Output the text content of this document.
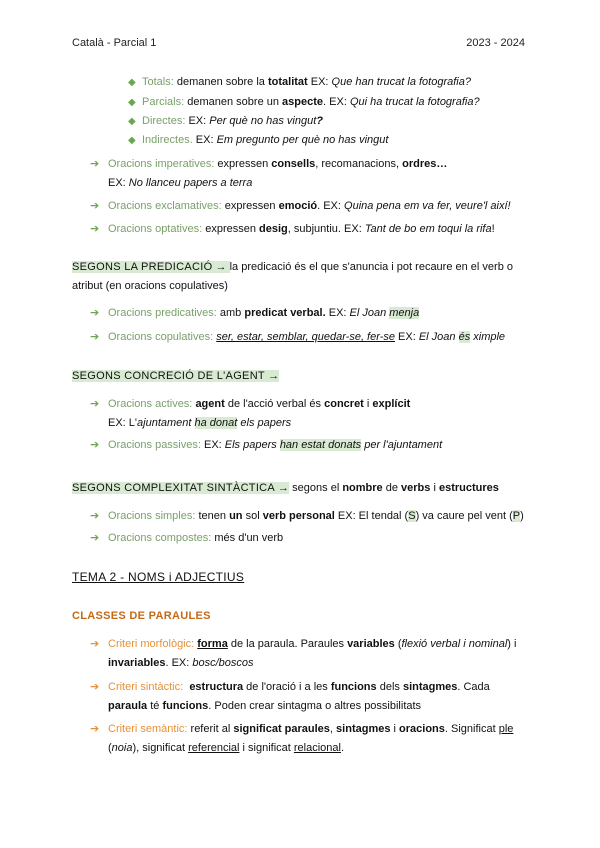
Català - Parcial 1	2023 - 2024
◆ Totals: demanen sobre la totalitat EX: Que han trucat la fotografia?
◆ Parcials: demanen sobre un aspecte. EX: Qui ha trucat la fotografia?
◆ Directes: EX: Per què no has vingut?
◆ Indirectes. EX: Em pregunto per què no has vingut
➔ Oracions imperatives: expressen consells, recomanacions, ordres…
EX: No llanceu papers a terra
➔ Oracions exclamatives: expressen emoció. EX: Quina pena em va fer, veure'l així!
➔ Oracions optatives: expressen desig, subjuntiu. EX: Tant de bo em toqui la rifa!
SEGONS LA PREDICACIÓ → la predicació és el que s'anuncia i pot recaure en el verb o
atribut (en oracions copulatives)
➔ Oracions predicatives: amb predicat verbal. EX: El Joan menja
➔ Oracions copulatives: ser, estar, semblar, quedar-se, fer-se EX: El Joan és ximple
SEGONS CONCRECIÓ DE L'AGENT →
➔ Oracions actives: agent de l'acció verbal és concret i explícit
EX: L'ajuntament ha donat els papers
➔ Oracions passives: EX: Els papers han estat donats per l'ajuntament
SEGONS COMPLEXITAT SINTÀCTICA → segons el nombre de verbs i estructures
➔ Oracions simples: tenen un sol verb personal EX: El tendal (S) va caure pel vent (P)
➔ Oracions compostes: més d'un verb
TEMA 2 - NOMS i ADJECTIUS
CLASSES DE PARAULES
➔ Criteri morfològic: forma de la paraula. Paraules variables (flexió verbal i nominal) i
invariables. EX: bosc/boscos
➔ Criteri sintàctic: estructura de l'oració i a les funcions dels sintagmes. Cada
paraula té funcions. Poden crear sintagma o altres possibilitats
➔ Criteri semàntic: referit al significat paraules, sintagmes i oracions. Significat ple
(noia), significat referencial i significat relacional.
